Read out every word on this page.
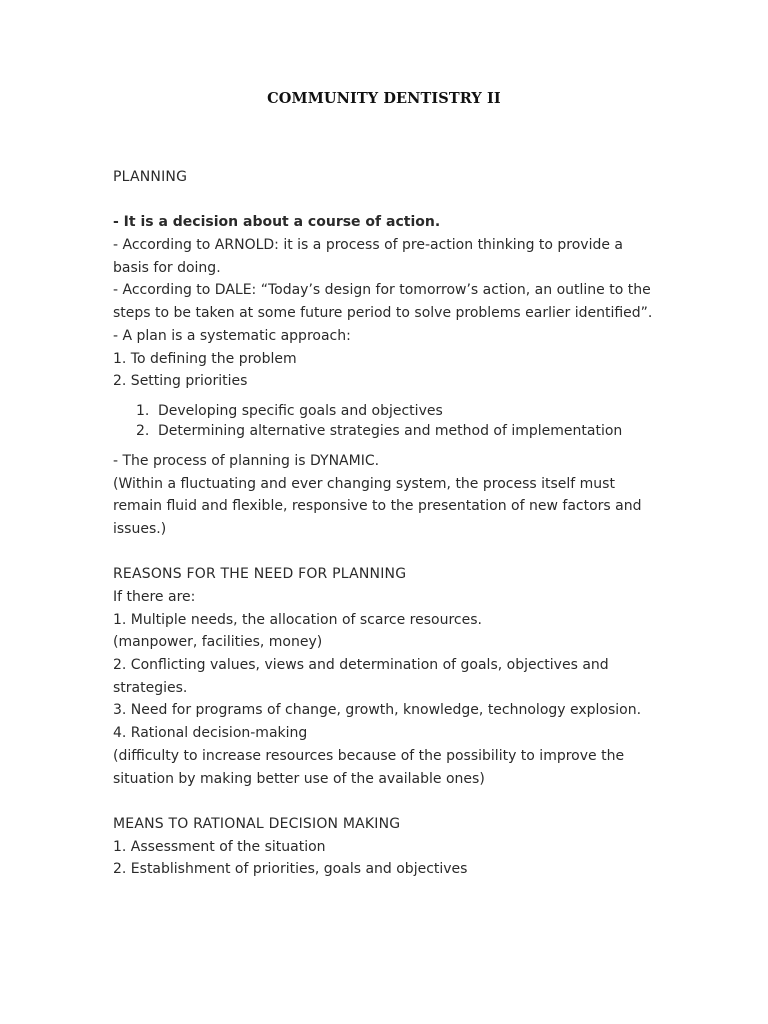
COMMUNITY DENTISTRY II
PLANNING
- It is a decision about a course of action.
- According to ARNOLD: it is a process of pre-action thinking to provide a
basis for doing.
- According to DALE: “Today’s design for tomorrow’s action, an outline to the
steps to be taken at some future period to solve problems earlier identified”.
- A plan is a systematic approach:
1. To defining the problem
2. Setting priorities
1. Developing specific goals and objectives
2. Determining alternative strategies and method of implementation
- The process of planning is DYNAMIC.
(Within a fluctuating and ever changing system, the process itself must
remain fluid and flexible, responsive to the presentation of new factors and
issues.)
REASONS FOR THE NEED FOR PLANNING
If there are:
1. Multiple needs, the allocation of scarce resources.
(manpower, facilities, money)
2. Conflicting values, views and determination of goals, objectives and
strategies.
3. Need for programs of change, growth, knowledge, technology explosion.
4. Rational decision-making
(difficulty to increase resources because of the possibility to improve the
situation by making better use of the available ones)
MEANS TO RATIONAL DECISION MAKING
1. Assessment of the situation
2. Establishment of priorities, goals and objectives
